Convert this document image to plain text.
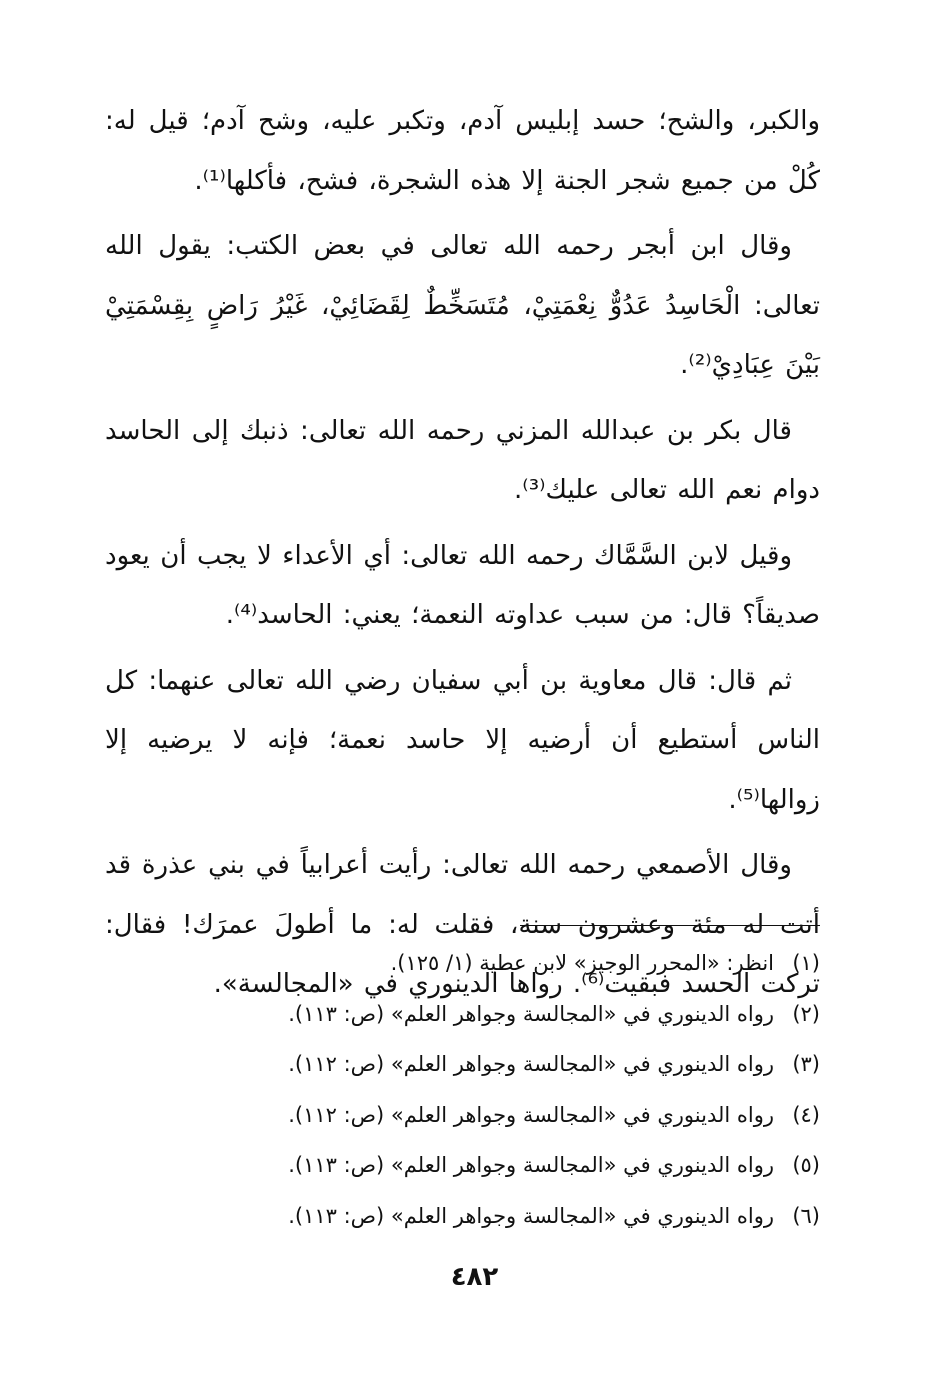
والكبر، والشح؛ حسد إبليس آدم، وتكبر عليه، وشح آدم؛ قيل له: كُلْ من جميع شجر الجنة إلا هذه الشجرة، فشح، فأكلها⁽¹⁾.

وقال ابن أبجر رحمه الله تعالى في بعض الكتب: يقول الله تعالى: الْحَاسِدُ عَدُوٌّ نِعْمَتِيْ، مُتَسَخِّطٌ لِقَضَائِيْ، غَيْرُ رَاضٍ بِقِسْمَتِيْ بَيْنَ عِبَادِيْ⁽²⁾.

قال بكر بن عبدالله المزني رحمه الله تعالى: ذنبك إلى الحاسد دوام نعم الله تعالى عليك⁽³⁾.

وقيل لابن السَّمَّاك رحمه الله تعالى: أي الأعداء لا يجب أن يعود صديقاً؟ قال: من سبب عداوته النعمة؛ يعني: الحاسد⁽⁴⁾.

ثم قال: قال معاوية بن أبي سفيان رضي الله تعالى عنهما: كل الناس أستطيع أن أرضيه إلا حاسد نعمة؛ فإنه لا يرضيه إلا زوالها⁽⁵⁾.

وقال الأصمعي رحمه الله تعالى: رأيت أعرابياً في بني عذرة قد أتت له مئة وعشرون سنة، فقلت له: ما أطولَ عمرَك! فقال: تركت الحسد فبقيت⁽⁶⁾. رواها الدينوري في «المجالسة».

(١)
انظر: «المحرر الوجيز» لابن عطية (١/ ١٢٥).
(٢)
رواه الدينوري في «المجالسة وجواهر العلم» (ص: ١١٣).
(٣)
رواه الدينوري في «المجالسة وجواهر العلم» (ص: ١١٢).
(٤)
رواه الدينوري في «المجالسة وجواهر العلم» (ص: ١١٢).
(٥)
رواه الدينوري في «المجالسة وجواهر العلم» (ص: ١١٣).
(٦)
رواه الدينوري في «المجالسة وجواهر العلم» (ص: ١١٣).
٤٨٢
